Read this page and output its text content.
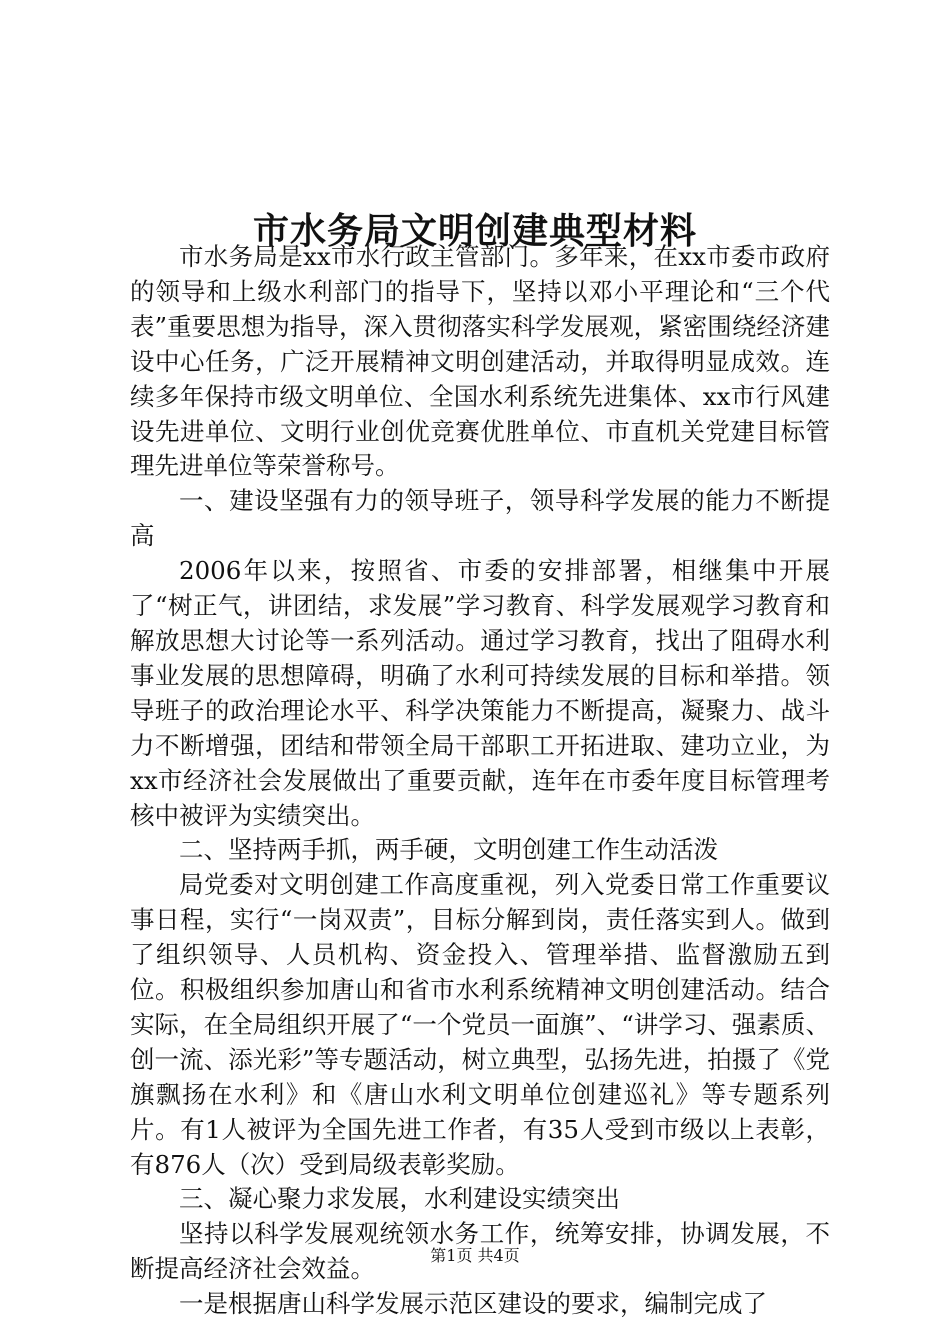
市水务局文明创建典型材料

市水务局是xx市水行政主管部门。多年来，在xx市委市政府的领导和上级水利部门的指导下，坚持以邓小平理论和“三个代表”重要思想为指导，深入贯彻落实科学发展观，紧密围绕经济建设中心任务，广泛开展精神文明创建活动，并取得明显成效。连续多年保持市级文明单位、全国水利系统先进集体、xx市行风建设先进单位、文明行业创优竞赛优胜单位、市直机关党建目标管理先进单位等荣誉称号。

一、建设坚强有力的领导班子，领导科学发展的能力不断提高

2006年以来，按照省、市委的安排部署，相继集中开展了“树正气，讲团结，求发展”学习教育、科学发展观学习教育和解放思想大讨论等一系列活动。通过学习教育，找出了阻碍水利事业发展的思想障碍，明确了水利可持续发展的目标和举措。领导班子的政治理论水平、科学决策能力不断提高，凝聚力、战斗力不断增强，团结和带领全局干部职工开拓进取、建功立业，为xx市经济社会发展做出了重要贡献，连年在市委年度目标管理考核中被评为实绩突出。

二、坚持两手抓，两手硬，文明创建工作生动活泼

局党委对文明创建工作高度重视，列入党委日常工作重要议事日程，实行“一岗双责”，目标分解到岗，责任落实到人。做到了组织领导、人员机构、资金投入、管理举措、监督激励五到位。积极组织参加唐山和省市水利系统精神文明创建活动。结合实际，在全局组织开展了“一个党员一面旗”、“讲学习、强素质、创一流、添光彩”等专题活动，树立典型，弘扬先进，拍摄了《党旗飘扬在水利》和《唐山水利文明单位创建巡礼》等专题系列片。有1人被评为全国先进工作者，有35人受到市级以上表彰，有876人（次）受到局级表彰奖励。

三、凝心聚力求发展，水利建设实绩突出

坚持以科学发展观统领水务工作，统筹安排，协调发展，不断提高经济社会效益。

一是根据唐山科学发展示范区建设的要求，编制完成了

第1页 共4页
